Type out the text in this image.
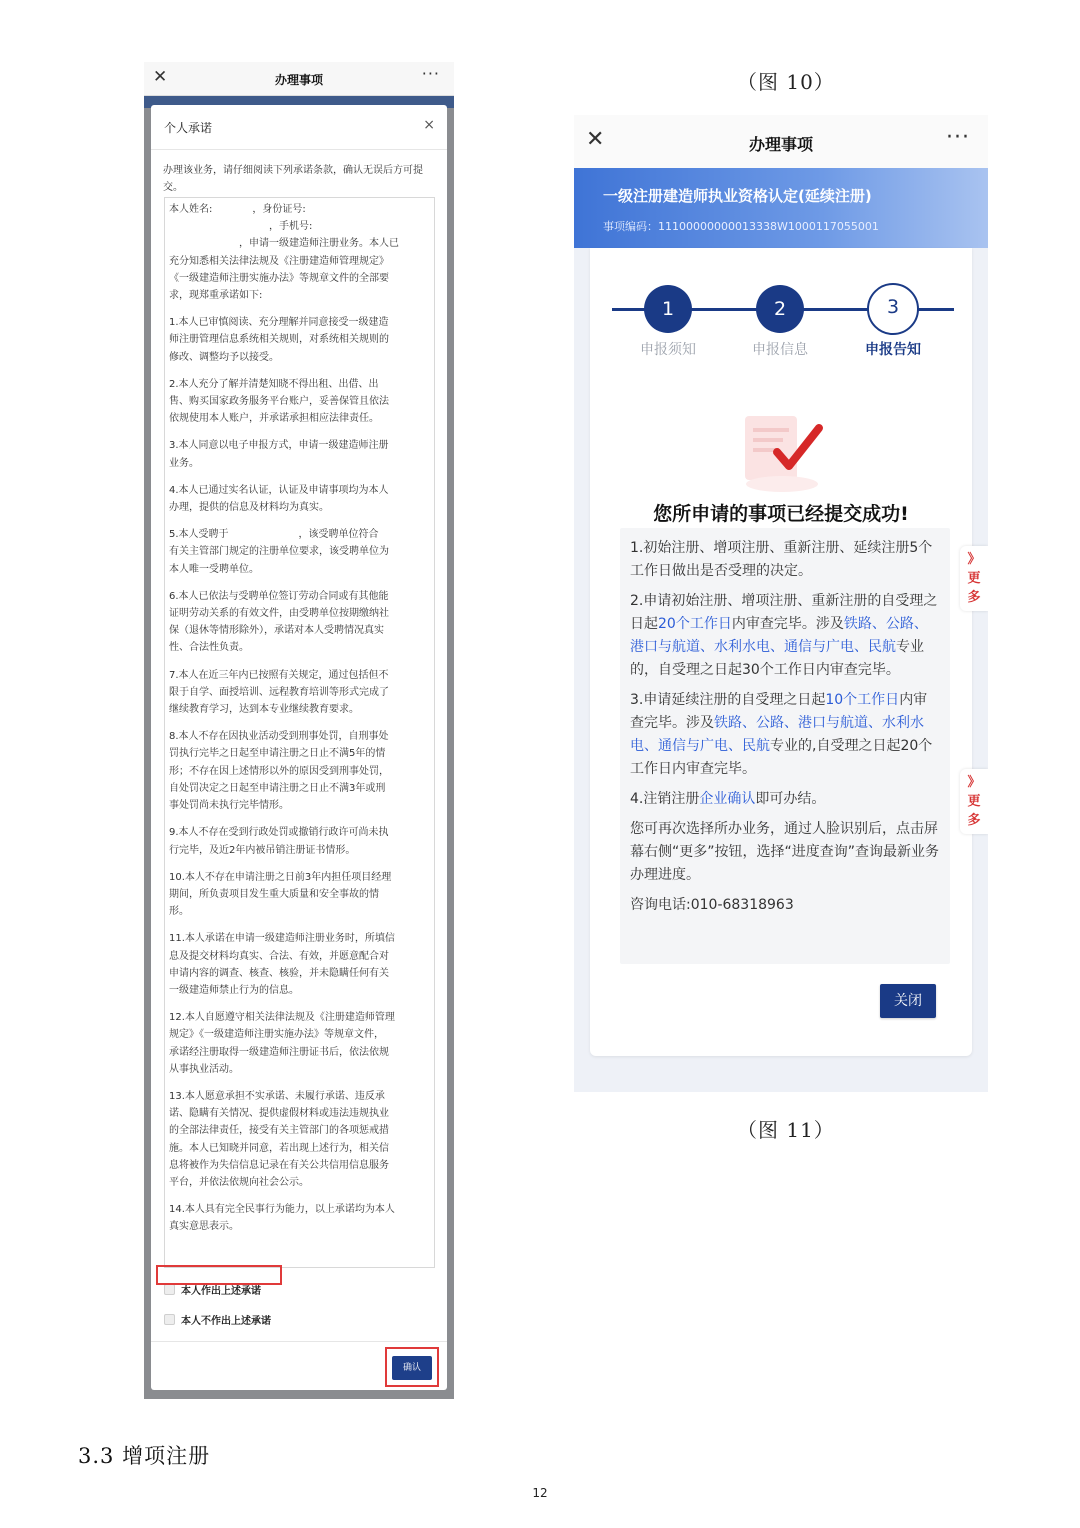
✕	办理事项	···
个人承诺	×
办理该业务，请仔细阅读下列承诺条款，确认无误后方可提交。

本人姓名:　　　　，身份证号:

　　　　　　　　　　，手机号:

　　　　　　　，申请一级建造师注册业务。本人已

充分知悉相关法律法规及《注册建造师管理规定》

《一级建造师注册实施办法》等规章文件的全部要

求，现郑重承诺如下:

1.本人已审慎阅读、充分理解并同意接受一级建造

师注册管理信息系统相关规则，对系统相关规则的

修改、调整均予以接受。

2.本人充分了解并清楚知晓不得出租、出借、出

售、购买国家政务服务平台账户，妥善保管且依法

依规使用本人账户，并承诺承担相应法律责任。

3.本人同意以电子申报方式，申请一级建造师注册

业务。

4.本人已通过实名认证，认证及申请事项均为本人

办理，提供的信息及材料均为真实。

5.本人受聘于　　　　　　　，该受聘单位符合

有关主管部门规定的注册单位要求，该受聘单位为

本人唯一受聘单位。

6.本人已依法与受聘单位签订劳动合同或有其他能

证明劳动关系的有效文件，由受聘单位按期缴纳社

保（退休等情形除外），承诺对本人受聘情况真实

性、合法性负责。

7.本人在近三年内已按照有关规定，通过包括但不

限于自学、面授培训、远程教育培训等形式完成了

继续教育学习，达到本专业继续教育要求。

8.本人不存在因执业活动受到刑事处罚，自刑事处

罚执行完毕之日起至申请注册之日止不满5年的情

形；不存在因上述情形以外的原因受到刑事处罚，

自处罚决定之日起至申请注册之日止不满3年或刑

事处罚尚未执行完毕情形。

9.本人不存在受到行政处罚或撤销行政许可尚未执

行完毕，及近2年内被吊销注册证书情形。

10.本人不存在申请注册之日前3年内担任项目经理

期间，所负责项目发生重大质量和安全事故的情

形。

11.本人承诺在申请一级建造师注册业务时，所填信

息及提交材料均真实、合法、有效，并愿意配合对

申请内容的调查、核查、核验，并未隐瞒任何有关

一级建造师禁止行为的信息。

12.本人自愿遵守相关法律法规及《注册建造师管理

规定》《一级建造师注册实施办法》等规章文件，

承诺经注册取得一级建造师注册证书后，依法依规

从事执业活动。

13.本人愿意承担不实承诺、未履行承诺、违反承

诺、隐瞒有关情况、提供虚假材料或违法违规执业

的全部法律责任，接受有关主管部门的各项惩戒措

施。本人已知晓并同意，若出现上述行为，相关信

息将被作为失信信息记录在有关公共信用信息服务

平台，并依法依规向社会公示。

14.本人具有完全民事行为能力，以上承诺均为本人

真实意思表示。

本人作出上述承诺
本人不作出上述承诺
确认
（图 10）
✕	办理事项	···
一级注册建造师执业资格认定(延续注册)
事项编码：11100000000013338W1000117055001
1	2	3
申报须知	申报信息	申报告知
您所申请的事项已经提交成功!

1.初始注册、增项注册、重新注册、延续注册5个工作日做出是否受理的决定。

2.申请初始注册、增项注册、重新注册的自受理之日起20个工作日内审查完毕。涉及铁路、公路、港口与航道、水利水电、通信与广电、民航专业的，自受理之日起30个工作日内审查完毕。

3.申请延续注册的自受理之日起10个工作日内审查完毕。涉及铁路、公路、港口与航道、水利水电、通信与广电、民航专业的,自受理之日起20个工作日内审查完毕。

4.注销注册企业确认即可办结。

您可再次选择所办业务，通过人脸识别后，点击屏幕右侧“更多”按钮，选择“进度查询”查询最新业务办理进度。

咨询电话:010-68318963

关闭
》
更
多
》
更
多
（图 11）
3.3 增项注册
12
